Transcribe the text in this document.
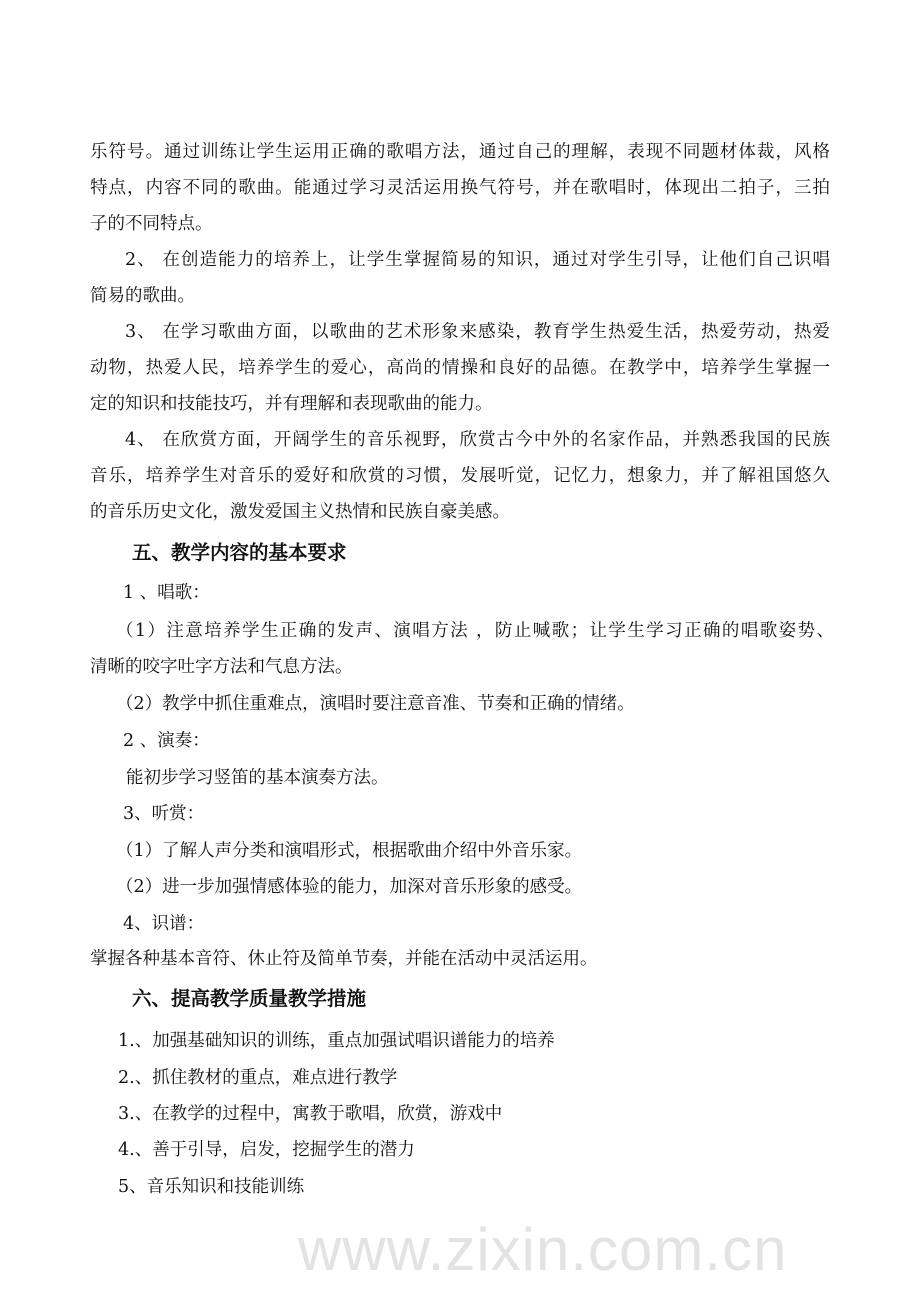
www.zixin.com.cn
乐符号。通过训练让学生运用正确的歌唱方法，通过自己的理解，表现不同题材体裁，风格
特点，内容不同的歌曲。能通过学习灵活运用换气符号，并在歌唱时，体现出二拍子，三拍
子的不同特点。
2、 在创造能力的培养上，让学生掌握简易的知识，通过对学生引导，让他们自己识唱
简易的歌曲。
3、 在学习歌曲方面，以歌曲的艺术形象来感染，教育学生热爱生活，热爱劳动，热爱
动物，热爱人民，培养学生的爱心，高尚的情操和良好的品德。在教学中，培养学生掌握一
定的知识和技能技巧，并有理解和表现歌曲的能力。
4、 在欣赏方面，开阔学生的音乐视野，欣赏古今中外的名家作品，并熟悉我国的民族
音乐，培养学生对音乐的爱好和欣赏的习惯，发展听觉，记忆力，想象力，并了解祖国悠久
的音乐历史文化，激发爱国主义热情和民族自豪美感。
五、教学内容的基本要求
1 、唱歌：
（1）注意培养学生正确的发声、演唱方法 ，防止喊歌；让学生学习正确的唱歌姿势、
清晰的咬字吐字方法和气息方法。
（2）教学中抓住重难点，演唱时要注意音准、节奏和正确的情绪。
2 、演奏：
能初步学习竖笛的基本演奏方法。
3、听赏：
（1）了解人声分类和演唱形式，根据歌曲介绍中外音乐家。
（2）进一步加强情感体验的能力，加深对音乐形象的感受。
4、识谱：
掌握各种基本音符、休止符及简单节奏，并能在活动中灵活运用。
六、提高教学质量教学措施
1.、加强基础知识的训练，重点加强试唱识谱能力的培养
2.、抓住教材的重点，难点进行教学
3.、在教学的过程中，寓教于歌唱，欣赏，游戏中
4.、善于引导，启发，挖掘学生的潜力
5、音乐知识和技能训练
